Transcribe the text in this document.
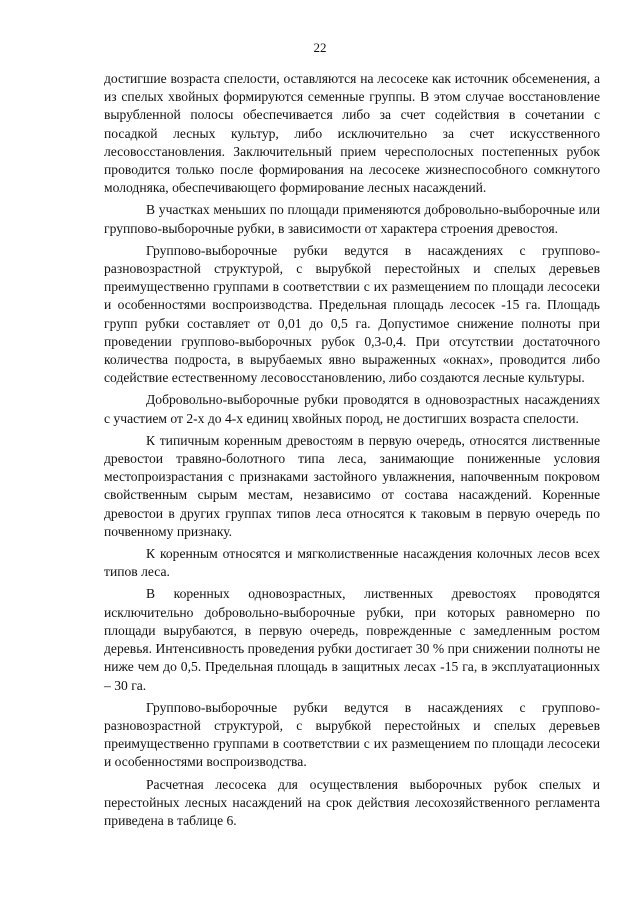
22

достигшие возраста спелости, оставляются на лесосеке как источник обсеменения, а из спелых хвойных формируются семенные группы. В этом случае восстановление вырубленной полосы обеспечивается либо за счет содействия в сочетании с посадкой лесных культур, либо исключительно за счет искусственного лесовосстановления. Заключительный прием чересполосных постепенных рубок проводится только после формирования на лесосеке жизнеспособного сомкнутого молодняка, обеспечивающего формирование лесных насаждений.

В участках меньших по площади применяются добровольно-выборочные или группово-выборочные рубки, в зависимости от характера строения древостоя.

Группово-выборочные рубки ведутся в насаждениях с группово-разновозрастной структурой, с вырубкой перестойных и спелых деревьев преимущественно группами в соответствии с их размещением по площади лесосеки и особенностями воспроизводства. Предельная площадь лесосек -15 га. Площадь групп рубки составляет от 0,01 до 0,5 га. Допустимое снижение полноты при проведении группово-выборочных рубок 0,3-0,4. При отсутствии достаточного количества подроста, в вырубаемых явно выраженных «окнах», проводится либо содействие естественному лесовосстановлению, либо создаются лесные культуры.

Добровольно-выборочные рубки проводятся в одновозрастных насаждениях с участием от 2-х до 4-х единиц хвойных пород, не достигших возраста спелости.

К типичным коренным древостоям в первую очередь, относятся лиственные древостои травяно-болотного типа леса, занимающие пониженные условия местопроизрастания с признаками застойного увлажнения, напочвенным покровом свойственным сырым местам, независимо от состава насаждений. Коренные древостои в других группах типов леса относятся к таковым в первую очередь по почвенному признаку.

К коренным относятся и мягколиственные насаждения колочных лесов всех типов леса.

В коренных одновозрастных, лиственных древостоях проводятся исключительно добровольно-выборочные рубки, при которых равномерно по площади вырубаются, в первую очередь, поврежденные с замедленным ростом деревья. Интенсивность проведения рубки достигает 30 % при снижении полноты не ниже чем до 0,5. Предельная площадь в защитных лесах -15 га, в эксплуатационных – 30 га.

Группово-выборочные рубки ведутся в насаждениях с группово-разновозрастной структурой, с вырубкой перестойных и спелых деревьев преимущественно группами в соответствии с их размещением по площади лесосеки и особенностями воспроизводства.

Расчетная лесосека для осуществления выборочных рубок спелых и перестойных лесных насаждений на срок действия лесохозяйственного регламента приведена в таблице 6.
